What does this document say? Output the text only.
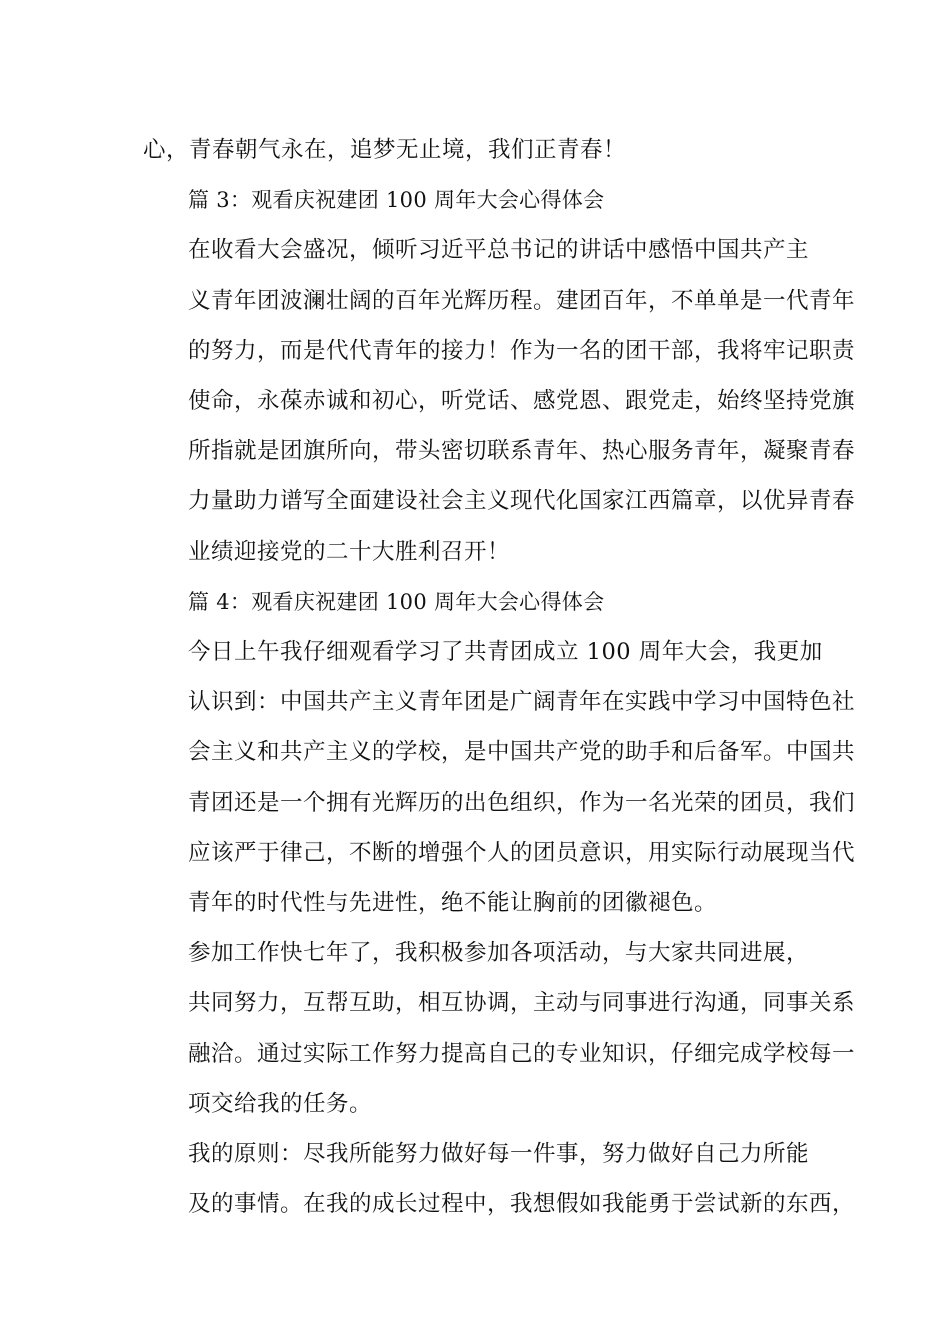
心，青春朝气永在，追梦无止境，我们正青春！

篇 3：观看庆祝建团 100 周年大会心得体会

在收看大会盛况，倾听习近平总书记的讲话中感悟中国共产主
义青年团波澜壮阔的百年光辉历程。建团百年，不单单是一代青年
的努力，而是代代青年的接力！作为一名的团干部，我将牢记职责
使命，永葆赤诚和初心，听党话、感党恩、跟党走，始终坚持党旗
所指就是团旗所向，带头密切联系青年、热心服务青年，凝聚青春
力量助力谱写全面建设社会主义现代化国家江西篇章，以优异青春
业绩迎接党的二十大胜利召开！

篇 4：观看庆祝建团 100 周年大会心得体会

今日上午我仔细观看学习了共青团成立 100 周年大会，我更加
认识到：中国共产主义青年团是广阔青年在实践中学习中国特色社
会主义和共产主义的学校，是中国共产党的助手和后备军。中国共
青团还是一个拥有光辉历的出色组织，作为一名光荣的团员，我们
应该严于律己，不断的增强个人的团员意识，用实际行动展现当代
青年的时代性与先进性，绝不能让胸前的团徽褪色。

参加工作快七年了，我积极参加各项活动，与大家共同进展，
共同努力，互帮互助，相互协调，主动与同事进行沟通，同事关系
融洽。通过实际工作努力提高自己的专业知识，仔细完成学校每一
项交给我的任务。

我的原则：尽我所能努力做好每一件事，努力做好自己力所能
及的事情。在我的成长过程中，我想假如我能勇于尝试新的东西，
